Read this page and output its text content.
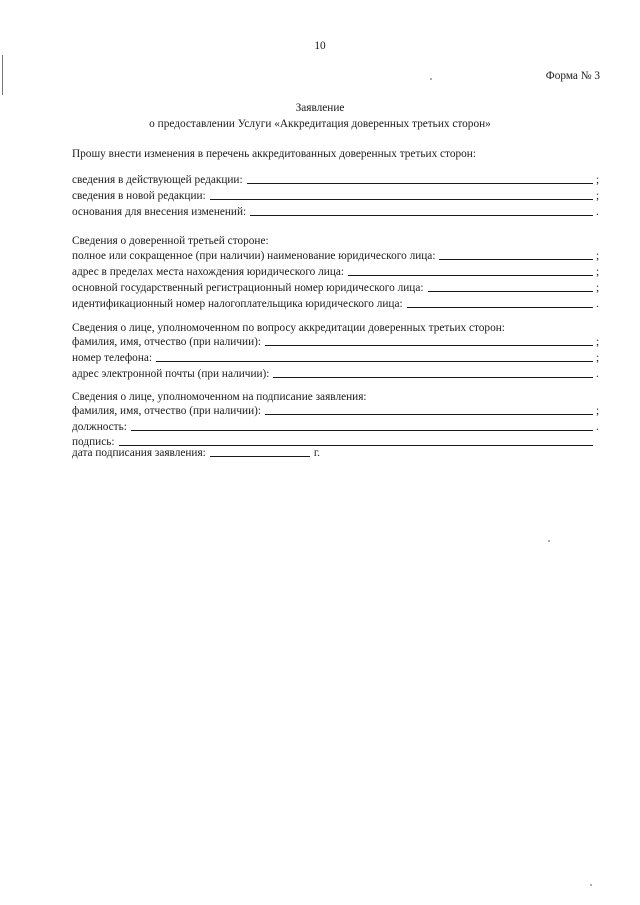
10
Форма № 3
Заявление
о предоставлении Услуги «Аккредитация доверенных третьих сторон»
Прошу внести изменения в перечень аккредитованных доверенных третьих сторон:
сведения в действующей редакции:	;
сведения в новой редакции:	;
основания для внесения изменений:	.
Сведения о доверенной третьей стороне:
полное или сокращенное (при наличии) наименование юридического лица:	;
адрес в пределах места нахождения юридического лица:	;
основной государственный регистрационный номер юридического лица:	;
идентификационный номер налогоплательщика юридического лица:	.
Сведения о лице, уполномоченном по вопросу аккредитации доверенных третьих сторон:
фамилия, имя, отчество (при наличии):	;
номер телефона:	;
адрес электронной почты (при наличии):	.
Сведения о лице, уполномоченном на подписание заявления:
фамилия, имя, отчество (при наличии):	;
должность:	.
подпись:
дата подписания заявления:	г.
